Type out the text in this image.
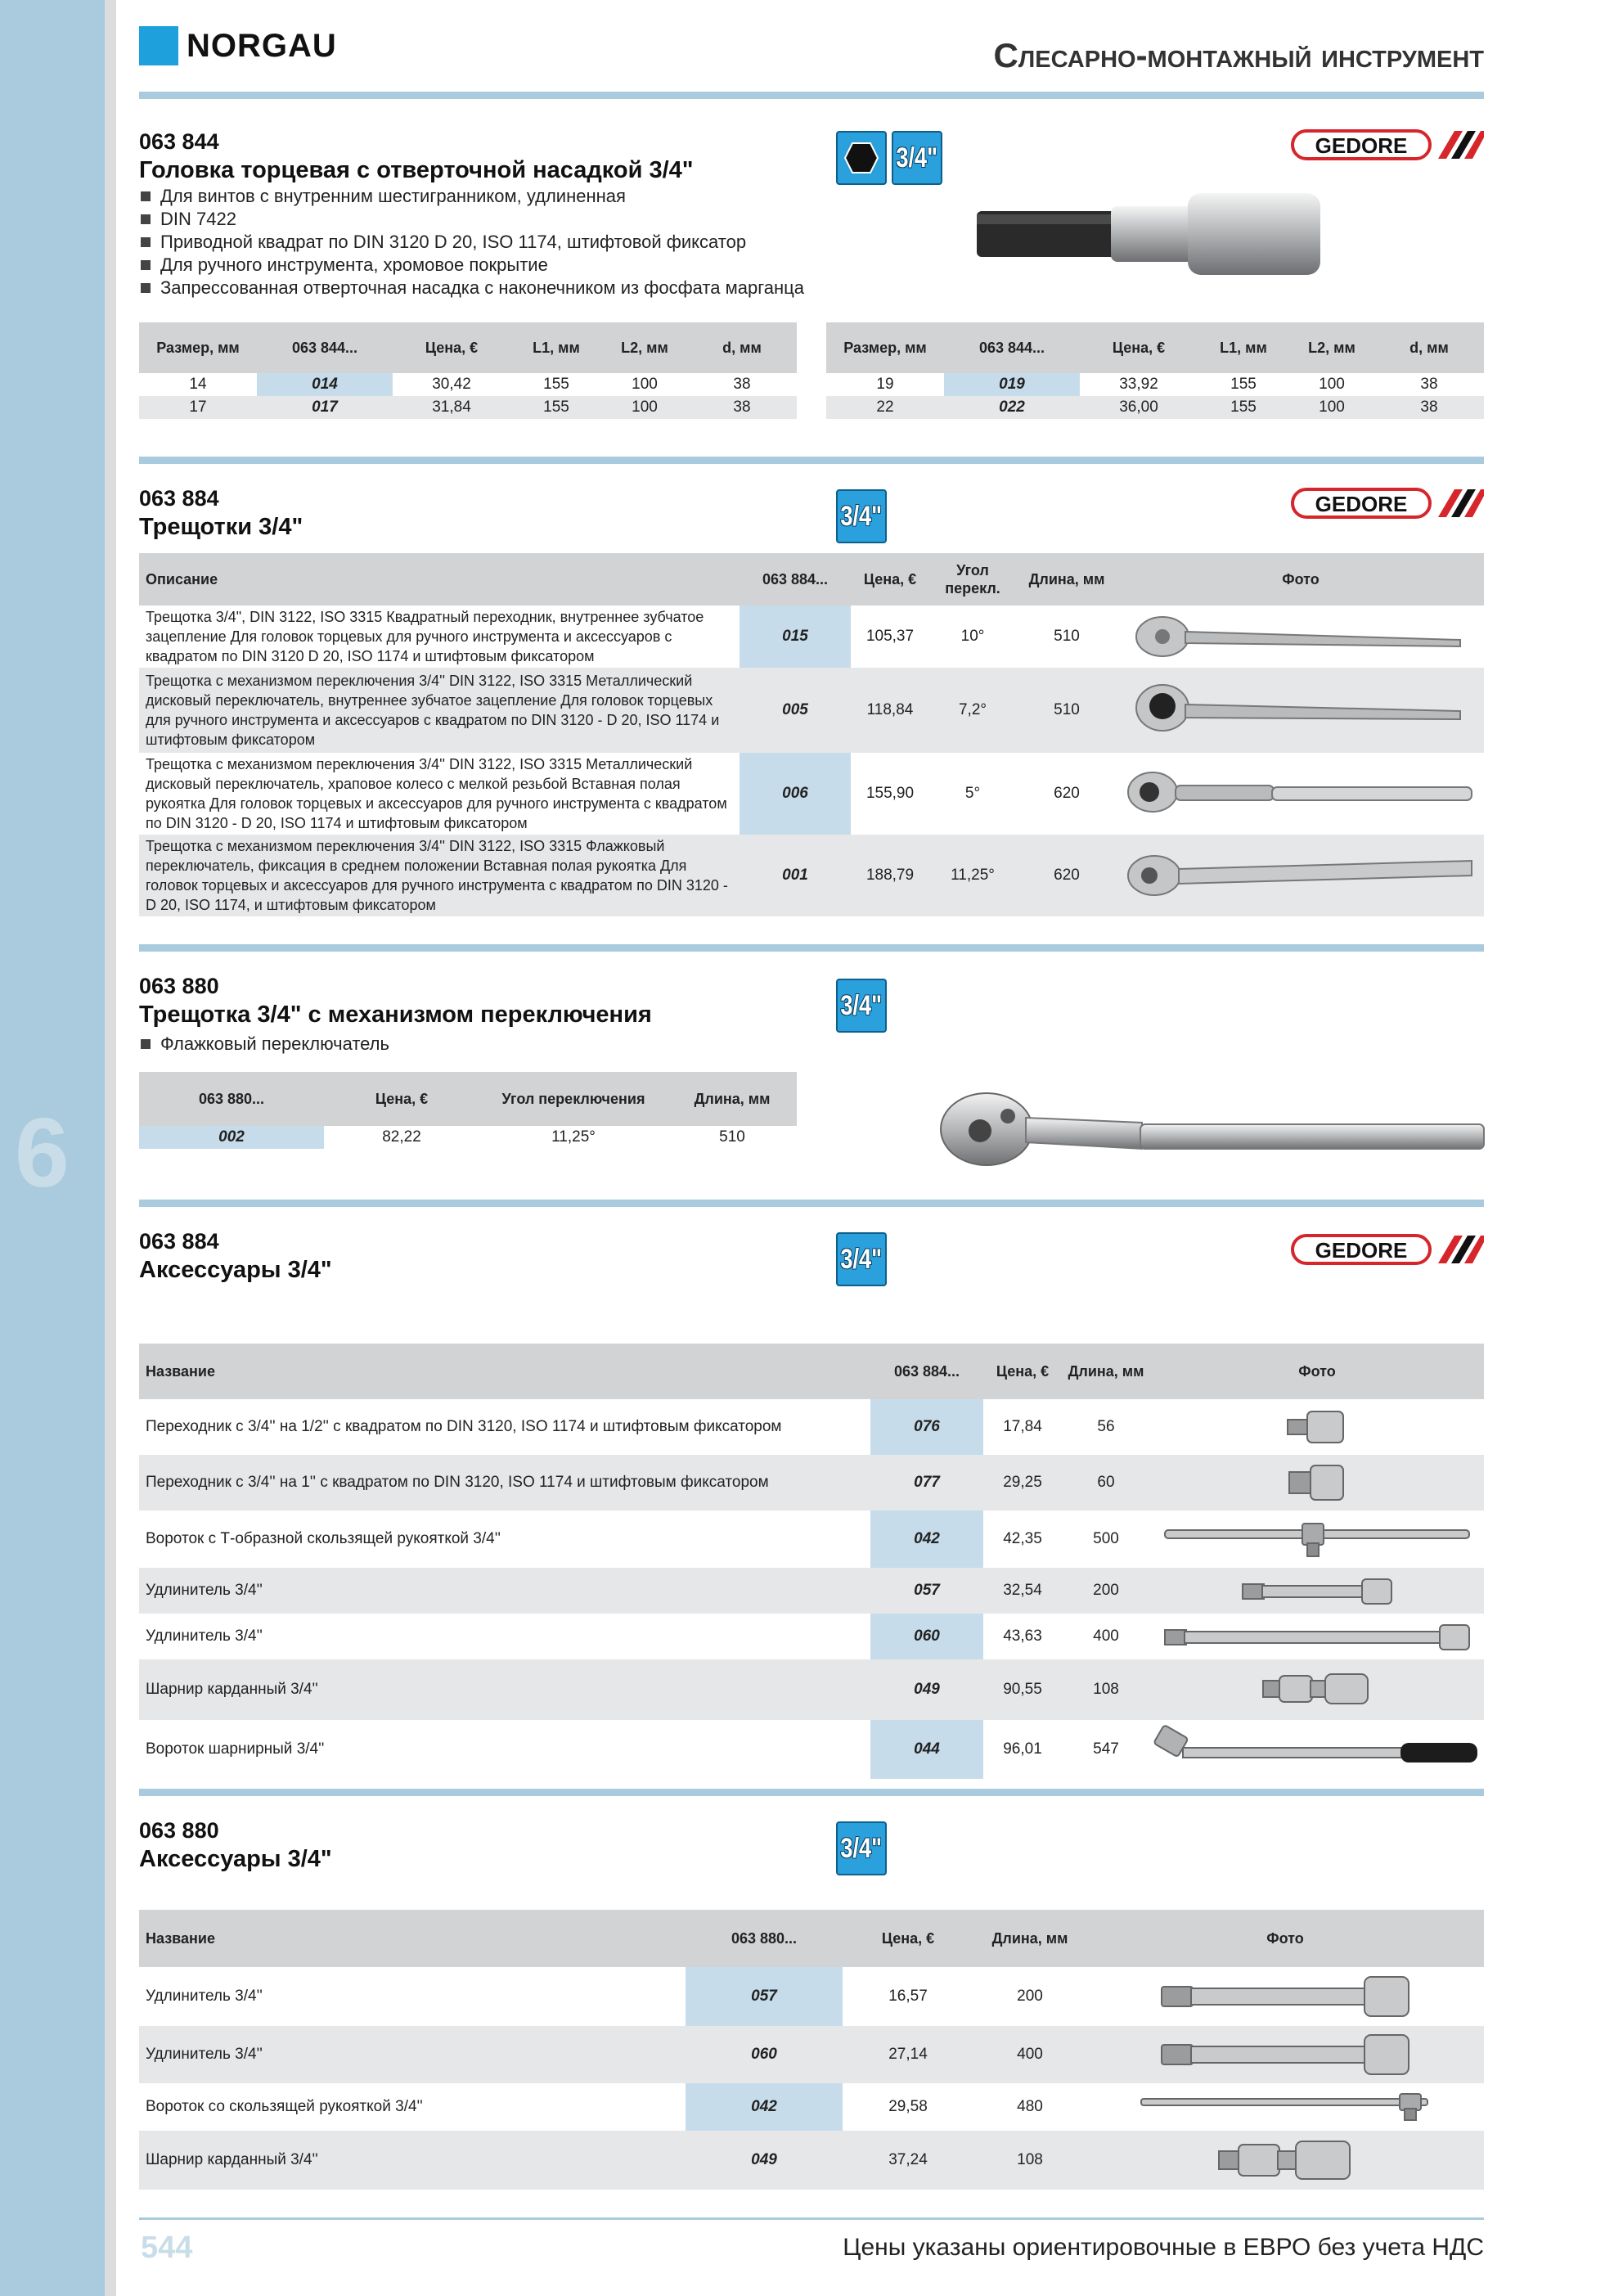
6
NORGAU	Слесарно-монтажный инструмент
063 844
Головка торцевая с отверточной насадкой 3/4"
Для винтов с внутренним шестигранником, удлиненная
DIN 7422
Приводной квадрат по DIN 3120 D 20, ISO 1174, штифтовой фиксатор
Для ручного инструмента, хромовое покрытие
Запрессованная отверточная насадка с наконечником из фосфата марганца
3/4"	GEDORE
Размер, мм	063 844...	Цена, €	L1, мм	L2, мм	d, мм
14	014	30,42	155	100	38
17	017	31,84	155	100	38
Размер, мм	063 844...	Цена, €	L1, мм	L2, мм	d, мм
19	019	33,92	155	100	38
22	022	36,00	155	100	38
063 884
Трещотки 3/4"	3/4"	GEDORE
Описание	063 884...	Цена, €	Угол перекл.	Длина, мм	Фото
Трещотка 3/4", DIN 3122, ISO 3315 Квадратный переходник, внутреннее зубчатое зацепление Для головок торцевых для ручного инструмента и аксессуаров с квадратом по DIN 3120 D 20, ISO 1174 и штифтовым фиксатором	015	105,37	10°	510	

Трещотка с механизмом переключения 3/4'' DIN 3122, ISO 3315 Металлический дисковый переключатель, внутреннее зубчатое зацепление Для головок торцевых для ручного инструмента и аксессуаров с квадратом по DIN 3120 - D 20, ISO 1174 и штифтовым фиксатором	005	118,84	7,2°	510	

Трещотка с механизмом переключения 3/4'' DIN 3122, ISO 3315 Металлический дисковый переключатель, храповое колесо с мелкой резьбой Вставная полая рукоятка Для головок торцевых и аксессуаров для ручного инструмента с квадратом по DIN 3120 - D 20, ISO 1174 и штифтовым фиксатором	006	155,90	5°	620	

Трещотка с механизмом переключения 3/4'' DIN 3122, ISO 3315 Флажковый переключатель, фиксация в среднем положении Вставная полая рукоятка Для головок торцевых и аксессуаров для ручного инструмента с квадратом по DIN 3120 - D 20, ISO 1174, и штифтовым фиксатором	001	188,79	11,25°	620	
063 880
Трещотка 3/4" с механизмом переключения
Флажковый переключатель
3/4"
063 880...	Цена, €	Угол переключения	Длина, мм
002	82,22	11,25°	510
063 884
Аксессуары 3/4"	3/4"	GEDORE
Название	063 884...	Цена, €	Длина, мм	Фото
Переходник с 3/4'' на 1/2'' с квадратом по DIN 3120, ISO 1174 и штифтовым фиксатором	076	17,84	56	

Переходник с 3/4'' на 1'' с квадратом по DIN 3120, ISO 1174 и штифтовым фиксатором	077	29,25	60	

Вороток с Т-образной скользящей рукояткой 3/4''	042	42,35	500	

Удлинитель 3/4''	057	32,54	200	

Удлинитель 3/4''	060	43,63	400	

Шарнир карданный 3/4''	049	90,55	108	

Вороток шарнирный 3/4''	044	96,01	547	
063 880
Аксессуары 3/4"	3/4"
Название	063 880...	Цена, €	Длина, мм	Фото
Удлинитель 3/4''	057	16,57	200	

Удлинитель 3/4''	060	27,14	400	

Вороток со скользящей рукояткой 3/4''	042	29,58	480	

Шарнир карданный 3/4''	049	37,24	108	
544	Цены указаны ориентировочные в ЕВРО без учета НДС
